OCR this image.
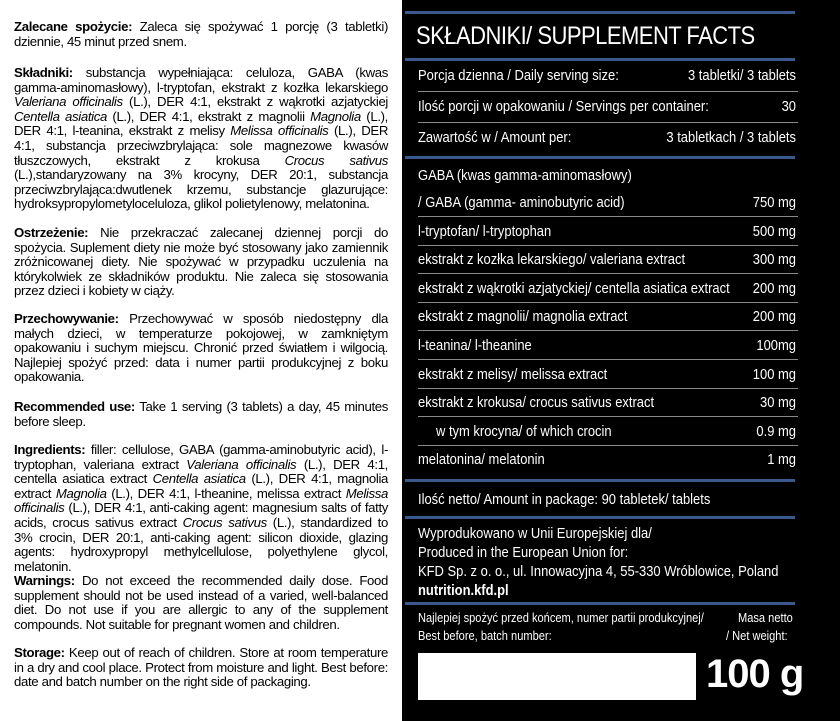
Zalecane spożycie: Zaleca się spożywać 1 porcję (3 tabletki) dziennie, 45 minut przed snem.
Składniki: substancja wypełniająca: celuloza, GABA (kwas gamma-aminomasłowy), l-tryptofan, ekstrakt z kozłka lekarskiego Valeriana officinalis (L.), DER 4:1, ekstrakt z wąkrotki azjatyckiej Centella asiatica (L.), DER 4:1, ekstrakt z magnolii Magnolia (L.), DER 4:1, l-teanina, ekstrakt z melisy Melissa officinalis (L.), DER 4:1, substancja przeciwzbrylająca: sole magnezowe kwasów tłuszczowych, ekstrakt z krokusa Crocus sativus (L.),standaryzowany na 3% krocyny, DER 20:1, substancja przeciwzbrylająca:dwutlenek krzemu, substancje glazurujące: hydroksypropylometyloceluloza, glikol polietylenowy, melatonina.
Ostrzeżenie: Nie przekraczać zalecanej dziennej porcji do spożycia. Suplement diety nie może być stosowany jako zamiennik zróżnicowanej diety. Nie spożywać w przypadku uczulenia na którykolwiek ze składników produktu. Nie zaleca się stosowania przez dzieci i kobiety w ciąży.
Przechowywanie: Przechowywać w sposób niedostępny dla małych dzieci, w temperaturze pokojowej, w zamkniętym opakowaniu i suchym miejscu. Chronić przed światłem i wilgocią. Najlepiej spożyć przed: data i numer partii produkcyjnej z boku opakowania.
Recommended use: Take 1 serving (3 tablets) a day, 45 minutes before sleep.
Ingredients: filler: cellulose, GABA (gamma-aminobutyric acid), l-tryptophan, valeriana extract Valeriana officinalis (L.), DER 4:1, centella asiatica extract Centella asiatica (L.), DER 4:1, magnolia extract Magnolia (L.), DER 4:1, l-theanine, melissa extract Melissa officinalis (L.), DER 4:1, anti-caking agent: magnesium salts of fatty acids, crocus sativus extract Crocus sativus (L.), standardized to 3% crocin, DER 20:1, anti-caking agent: silicon dioxide, glazing agents: hydroxypropyl methylcellulose, polyethylene glycol, melatonin.
Warnings: Do not exceed the recommended daily dose. Food supplement should not be used instead of a varied, well-balanced diet. Do not use if you are allergic to any of the supplement compounds. Not suitable for pregnant women and children.
Storage: Keep out of reach of children. Store at room temperature in a dry and cool place. Protect from moisture and light. Best before: date and batch number on the right side of packaging.
SKŁADNIKI/ SUPPLEMENT FACTS
Porcja dzienna / Daily serving size:	3 tabletki/ 3 tablets
Ilość porcji w opakowaniu / Servings per container:	30
Zawartość w / Amount per:	3 tabletkach / 3 tablets
GABA (kwas gamma-aminomasłowy)
/ GABA (gamma- aminobutyric acid)	750 mg
l-tryptofan/ l-tryptophan	500 mg
ekstrakt z kozłka lekarskiego/ valeriana extract	300 mg
ekstrakt z wąkrotki azjatyckiej/ centella asiatica extract 200 mg
ekstrakt z magnolii/ magnolia extract	200 mg
l-teanina/ l-theanine	100mg
ekstrakt z melisy/ melissa extract	100 mg
ekstrakt z krokusa/ crocus sativus extract	30 mg
w tym krocyna/ of which crocin	0.9 mg
melatonina/ melatonin	1 mg
Ilość netto/ Amount in package: 90 tabletek/ tablets
Wyprodukowano w Unii Europejskiej dla/
Produced in the European Union for:
KFD Sp. z o. o., ul. Innowacyjna 4, 55-330 Wróblowice, Poland
nutrition.kfd.pl
Najlepiej spożyć przed końcem, numer partii produkcyjnej/
Best before, batch number:
Masa netto
/ Net weight:
100 g
